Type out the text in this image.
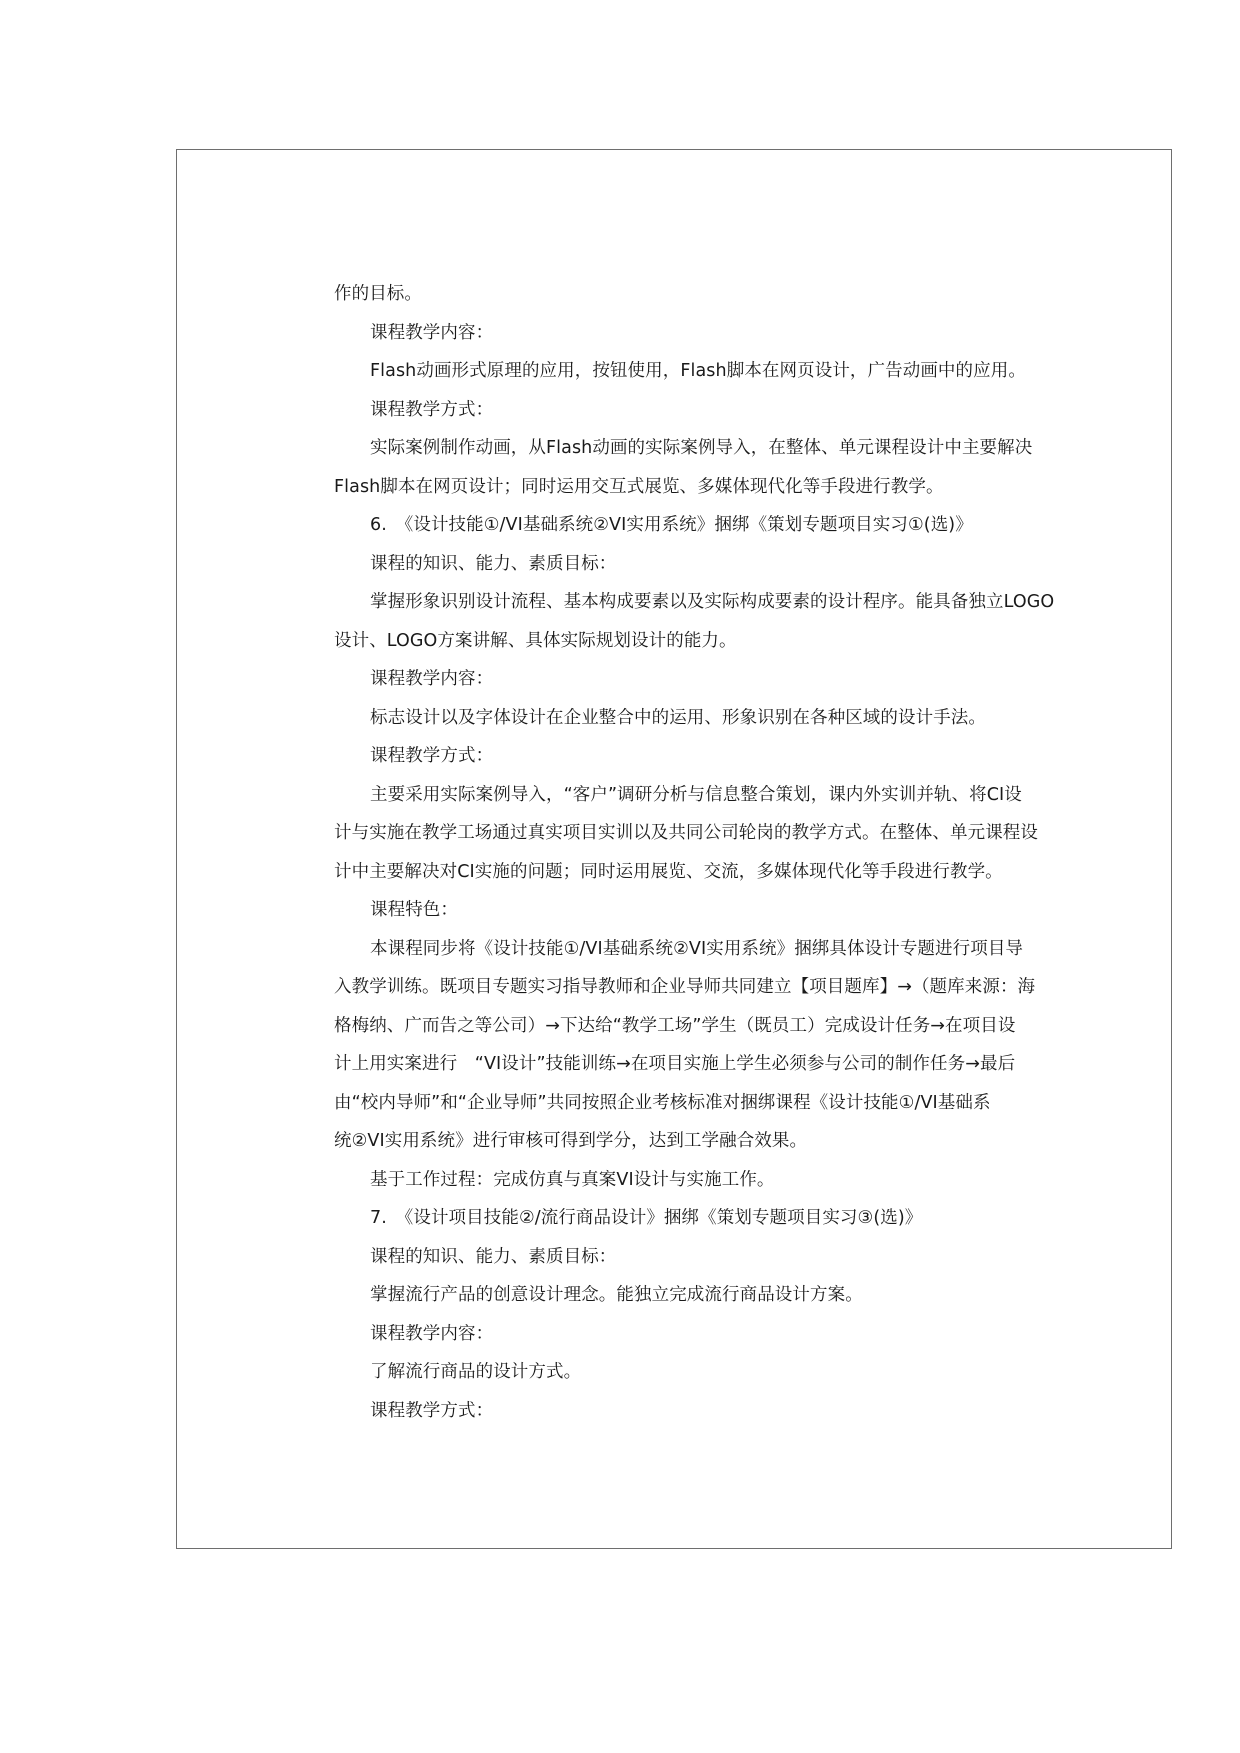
作的目标。
课程教学内容：
Flash动画形式原理的应用，按钮使用，Flash脚本在网页设计，广告动画中的应用。
课程教学方式：
实际案例制作动画，从Flash动画的实际案例导入，在整体、单元课程设计中主要解决
Flash脚本在网页设计；同时运用交互式展览、多媒体现代化等手段进行教学。
6.　《设计技能①/VI基础系统②VI实用系统》捆绑《策划专题项目实习①(选)》
课程的知识、能力、素质目标：
掌握形象识别设计流程、基本构成要素以及实际构成要素的设计程序。能具备独立LOGO
设计、LOGO方案讲解、具体实际规划设计的能力。
课程教学内容：
标志设计以及字体设计在企业整合中的运用、形象识别在各种区域的设计手法。
课程教学方式：
主要采用实际案例导入，“客户”调研分析与信息整合策划，课内外实训并轨、将CI设
计与实施在教学工场通过真实项目实训以及共同公司轮岗的教学方式。在整体、单元课程设
计中主要解决对CI实施的问题；同时运用展览、交流，多媒体现代化等手段进行教学。
课程特色：
本课程同步将《设计技能①/VI基础系统②VI实用系统》捆绑具体设计专题进行项目导
入教学训练。既项目专题实习指导教师和企业导师共同建立【项目题库】→（题库来源：海
格梅纳、广而告之等公司）→下达给“教学工场”学生（既员工）完成设计任务→在项目设
计上用实案进行　“VI设计”技能训练→在项目实施上学生必须参与公司的制作任务→最后
由“校内导师”和“企业导师”共同按照企业考核标准对捆绑课程《设计技能①/VI基础系
统②VI实用系统》进行审核可得到学分，达到工学融合效果。
基于工作过程：完成仿真与真案VI设计与实施工作。
7.　《设计项目技能②/流行商品设计》捆绑《策划专题项目实习③(选)》
课程的知识、能力、素质目标：
掌握流行产品的创意设计理念。能独立完成流行商品设计方案。
课程教学内容：
了解流行商品的设计方式。
课程教学方式：
